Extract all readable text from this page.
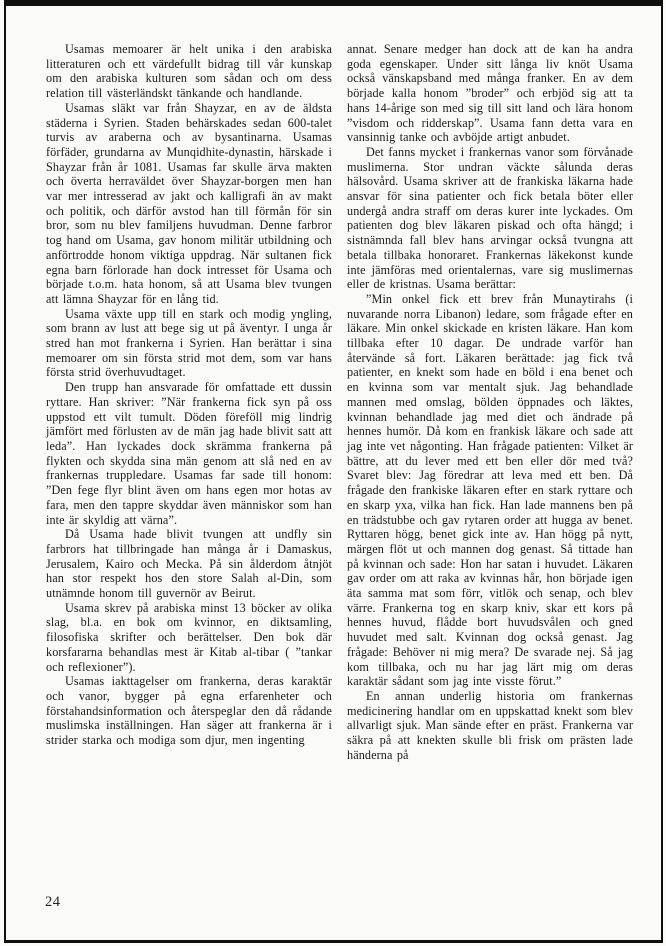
Usamas memoarer är helt unika i den arabiska litteraturen och ett värdefullt bidrag till vår kunskap om den arabiska kulturen som sådan och om dess relation till västerländskt tänkande och handlande.

Usamas släkt var från Shayzar, en av de äldsta städerna i Syrien. Staden behärskades sedan 600-talet turvis av araberna och av bysantinarna. Usamas förfäder, grundarna av Munqidhite-dynastin, härskade i Shayzar från år 1081. Usamas far skulle ärva makten och överta herraväldet över Shayzar-borgen men han var mer intresserad av jakt och kalligrafi än av makt och politik, och därför avstod han till förmån för sin bror, som nu blev familjens huvudman. Denne farbror tog hand om Usama, gav honom militär utbildning och anförtrodde honom viktiga uppdrag. När sultanen fick egna barn förlorade han dock intresset för Usama och började t.o.m. hata honom, så att Usama blev tvungen att lämna Shayzar för en lång tid.

Usama växte upp till en stark och modig yngling, som brann av lust att bege sig ut på äventyr. I unga år stred han mot frankerna i Syrien. Han berättar i sina memoarer om sin första strid mot dem, som var hans första strid överhuvudtaget.

Den trupp han ansvarade för omfattade ett dussin ryttare. Han skriver: ”När frankerna fick syn på oss uppstod ett vilt tumult. Döden föreföll mig lindrig jämfört med förlusten av de män jag hade blivit satt att leda”. Han lyckades dock skrämma frankerna på flykten och skydda sina män genom att slå ned en av frankernas truppledare. Usamas far sade till honom: ”Den fege flyr blint även om hans egen mor hotas av fara, men den tappre skyddar även människor som han inte är skyldig att värna”.

Då Usama hade blivit tvungen att undfly sin farbrors hat tillbringade han många år i Damaskus, Jerusalem, Kairo och Mecka. På sin ålderdom åtnjöt han stor respekt hos den store Salah al-Din, som utnämnde honom till guvernör av Beirut.

Usama skrev på arabiska minst 13 böcker av olika slag, bl.a. en bok om kvinnor, en diktsamling, filosofiska skrifter och berättelser. Den bok där korsfararna behandlas mest är Kitab al-tibar ( ”tankar och reflexioner”).

Usamas iakttagelser om frankerna, deras karaktär och vanor, bygger på egna erfarenheter och förstahandsinformation och återspeglar den då rådande muslimska inställningen. Han säger att frankerna är i strider starka och modiga som djur, men ingenting

annat. Senare medger han dock att de kan ha andra goda egenskaper. Under sitt långa liv knöt Usama också vänskapsband med många franker. En av dem började kalla honom ”broder” och erbjöd sig att ta hans 14-årige son med sig till sitt land och lära honom ”visdom och ridderskap”. Usama fann detta vara en vansinnig tanke och avböjde artigt anbudet.

Det fanns mycket i frankernas vanor som förvånade muslimerna. Stor undran väckte sålunda deras hälsovård. Usama skriver att de frankiska läkarna hade ansvar för sina patienter och fick betala böter eller undergå andra straff om deras kurer inte lyckades. Om patienten dog blev läkaren piskad och ofta hängd; i sistnämnda fall blev hans arvingar också tvungna att betala tillbaka honoraret. Frankernas läkekonst kunde inte jämföras med orientalernas, vare sig muslimernas eller de kristnas. Usama berättar:

”Min onkel fick ett brev från Munaytirahs (i nuvarande norra Libanon) ledare, som frågade efter en läkare. Min onkel skickade en kristen läkare. Han kom tillbaka efter 10 dagar. De undrade varför han återvände så fort. Läkaren berättade: jag fick två patienter, en knekt som hade en böld i ena benet och en kvinna som var mentalt sjuk. Jag behandlade mannen med omslag, bölden öppnades och läktes, kvinnan behandlade jag med diet och ändrade på hennes humör. Då kom en frankisk läkare och sade att jag inte vet någonting. Han frågade patienten: Vilket är bättre, att du lever med ett ben eller dör med två? Svaret blev: Jag föredrar att leva med ett ben. Då frågade den frankiske läkaren efter en stark ryttare och en skarp yxa, vilka han fick. Han lade mannens ben på en trädstubbe och gav rytaren order att hugga av benet. Ryttaren högg, benet gick inte av. Han högg på nytt, märgen flöt ut och mannen dog genast. Så tittade han på kvinnan och sade: Hon har satan i huvudet. Läkaren gav order om att raka av kvinnas hår, hon började igen äta samma mat som förr, vitlök och senap, och blev värre. Frankerna tog en skarp kniv, skar ett kors på hennes huvud, flådde bort huvudsvålen och gned huvudet med salt. Kvinnan dog också genast. Jag frågade: Behöver ni mig mera? De svarade nej. Så jag kom tillbaka, och nu har jag lärt mig om deras karaktär sådant som jag inte visste förut.”

En annan underlig historia om frankernas medicinering handlar om en uppskattad knekt som blev allvarligt sjuk. Man sände efter en präst. Frankerna var säkra på att knekten skulle bli frisk om prästen lade händerna på

24
